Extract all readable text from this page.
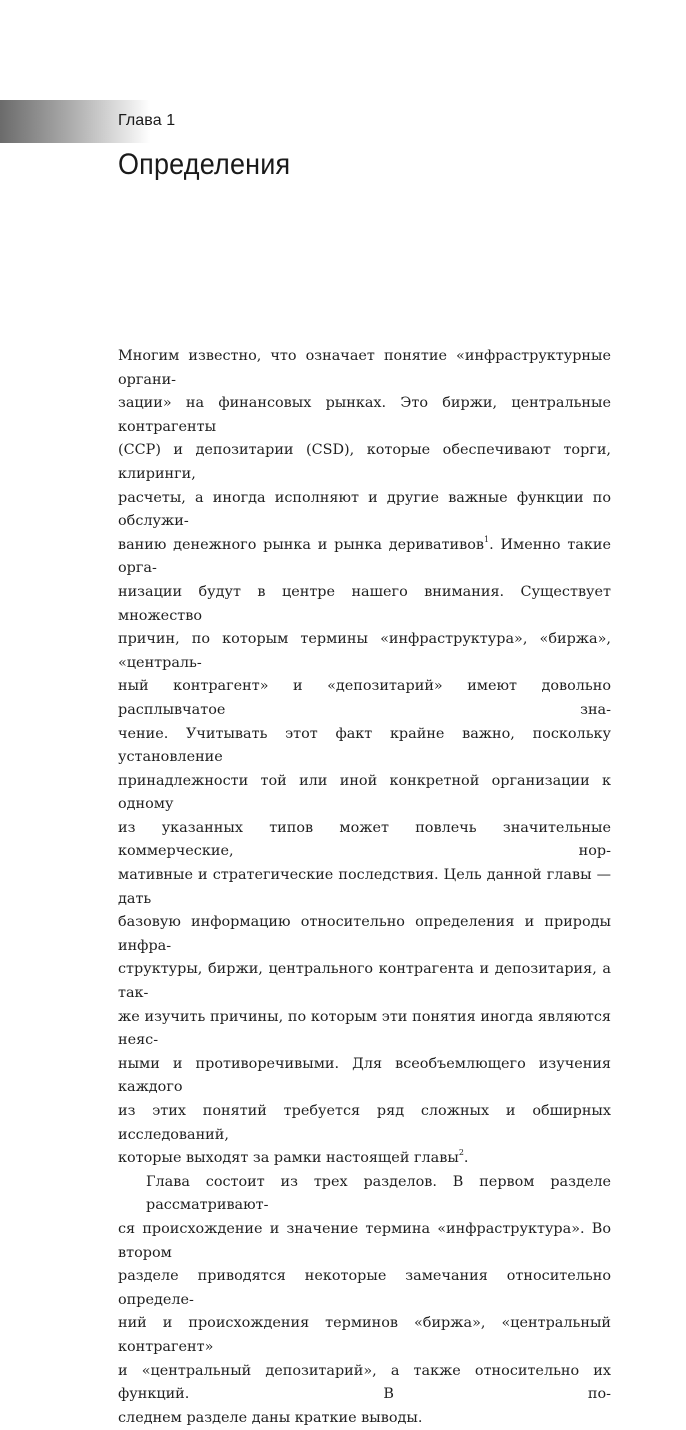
Глава 1
Определения
Многим известно, что означает понятие «инфраструктурные органи-
зации» на финансовых рынках. Это биржи, центральные контрагенты
(CCP) и депозитарии (CSD), которые обеспечивают торги, клиринги,
расчеты, а иногда исполняют и другие важные функции по обслужи-
ванию денежного рынка и рынка деривативов$^1$. Именно такие орга-
низации будут в центре нашего внимания. Существует множество
причин, по которым термины «инфраструктура», «биржа», «централь-
ный контрагент» и «депозитарий» имеют довольно расплывчатое зна-
чение. Учитывать этот факт крайне важно, поскольку установление
принадлежности той или иной конкретной организации к одному
из указанных типов может повлечь значительные коммерческие, нор-
мативные и стратегические последствия. Цель данной главы — дать
базовую информацию относительно определения и природы инфра-
структуры, биржи, центрального контрагента и депозитария, а так-
же изучить причины, по которым эти понятия иногда являются неяс-
ными и противоречивыми. Для всеобъемлющего изучения каждого
из этих понятий требуется ряд сложных и обширных исследований,
которые выходят за рамки настоящей главы$^2$.
Глава состоит из трех разделов. В первом разделе рассматривают-
ся происхождение и значение термина «инфраструктура». Во втором
разделе приводятся некоторые замечания относительно определе-
ний и происхождения терминов «биржа», «центральный контрагент»
и «центральный депозитарий», а также относительно их функций. В по-
следнем разделе даны краткие выводы.
